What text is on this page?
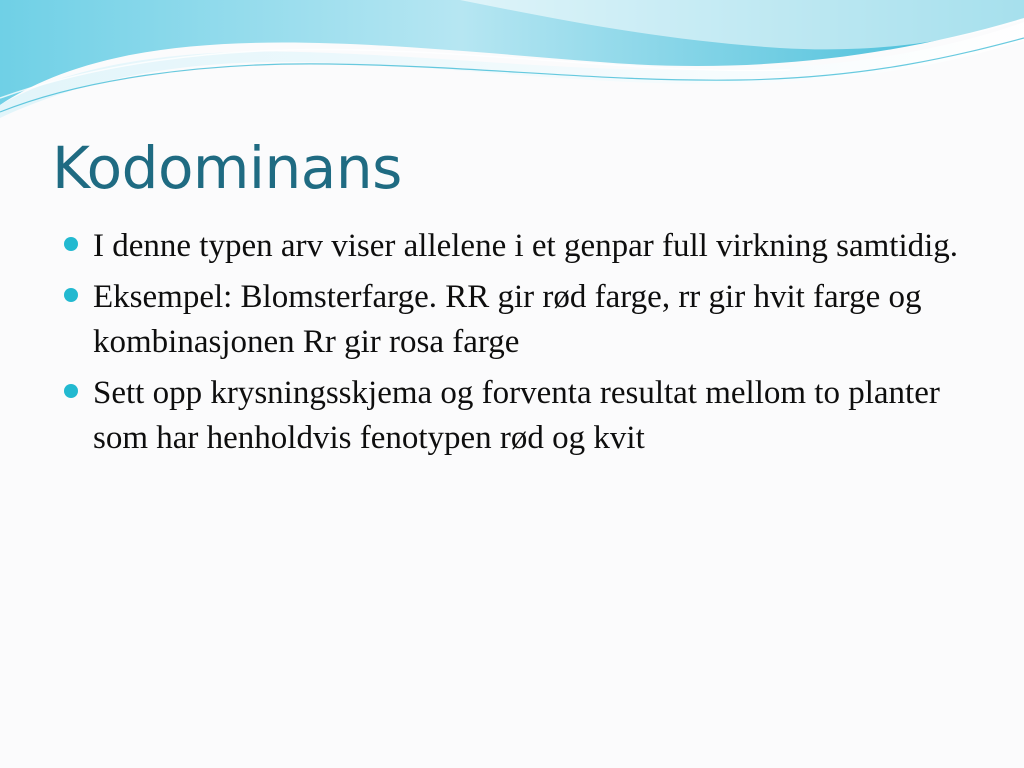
Kodominans
I denne typen arv viser allelene i et genpar full virkning samtidig.
Eksempel: Blomsterfarge. RR gir rød farge, rr gir hvit farge og kombinasjonen Rr gir rosa farge
Sett opp krysningsskjema og forventa resultat mellom to planter som har henholdvis fenotypen rød og kvit
